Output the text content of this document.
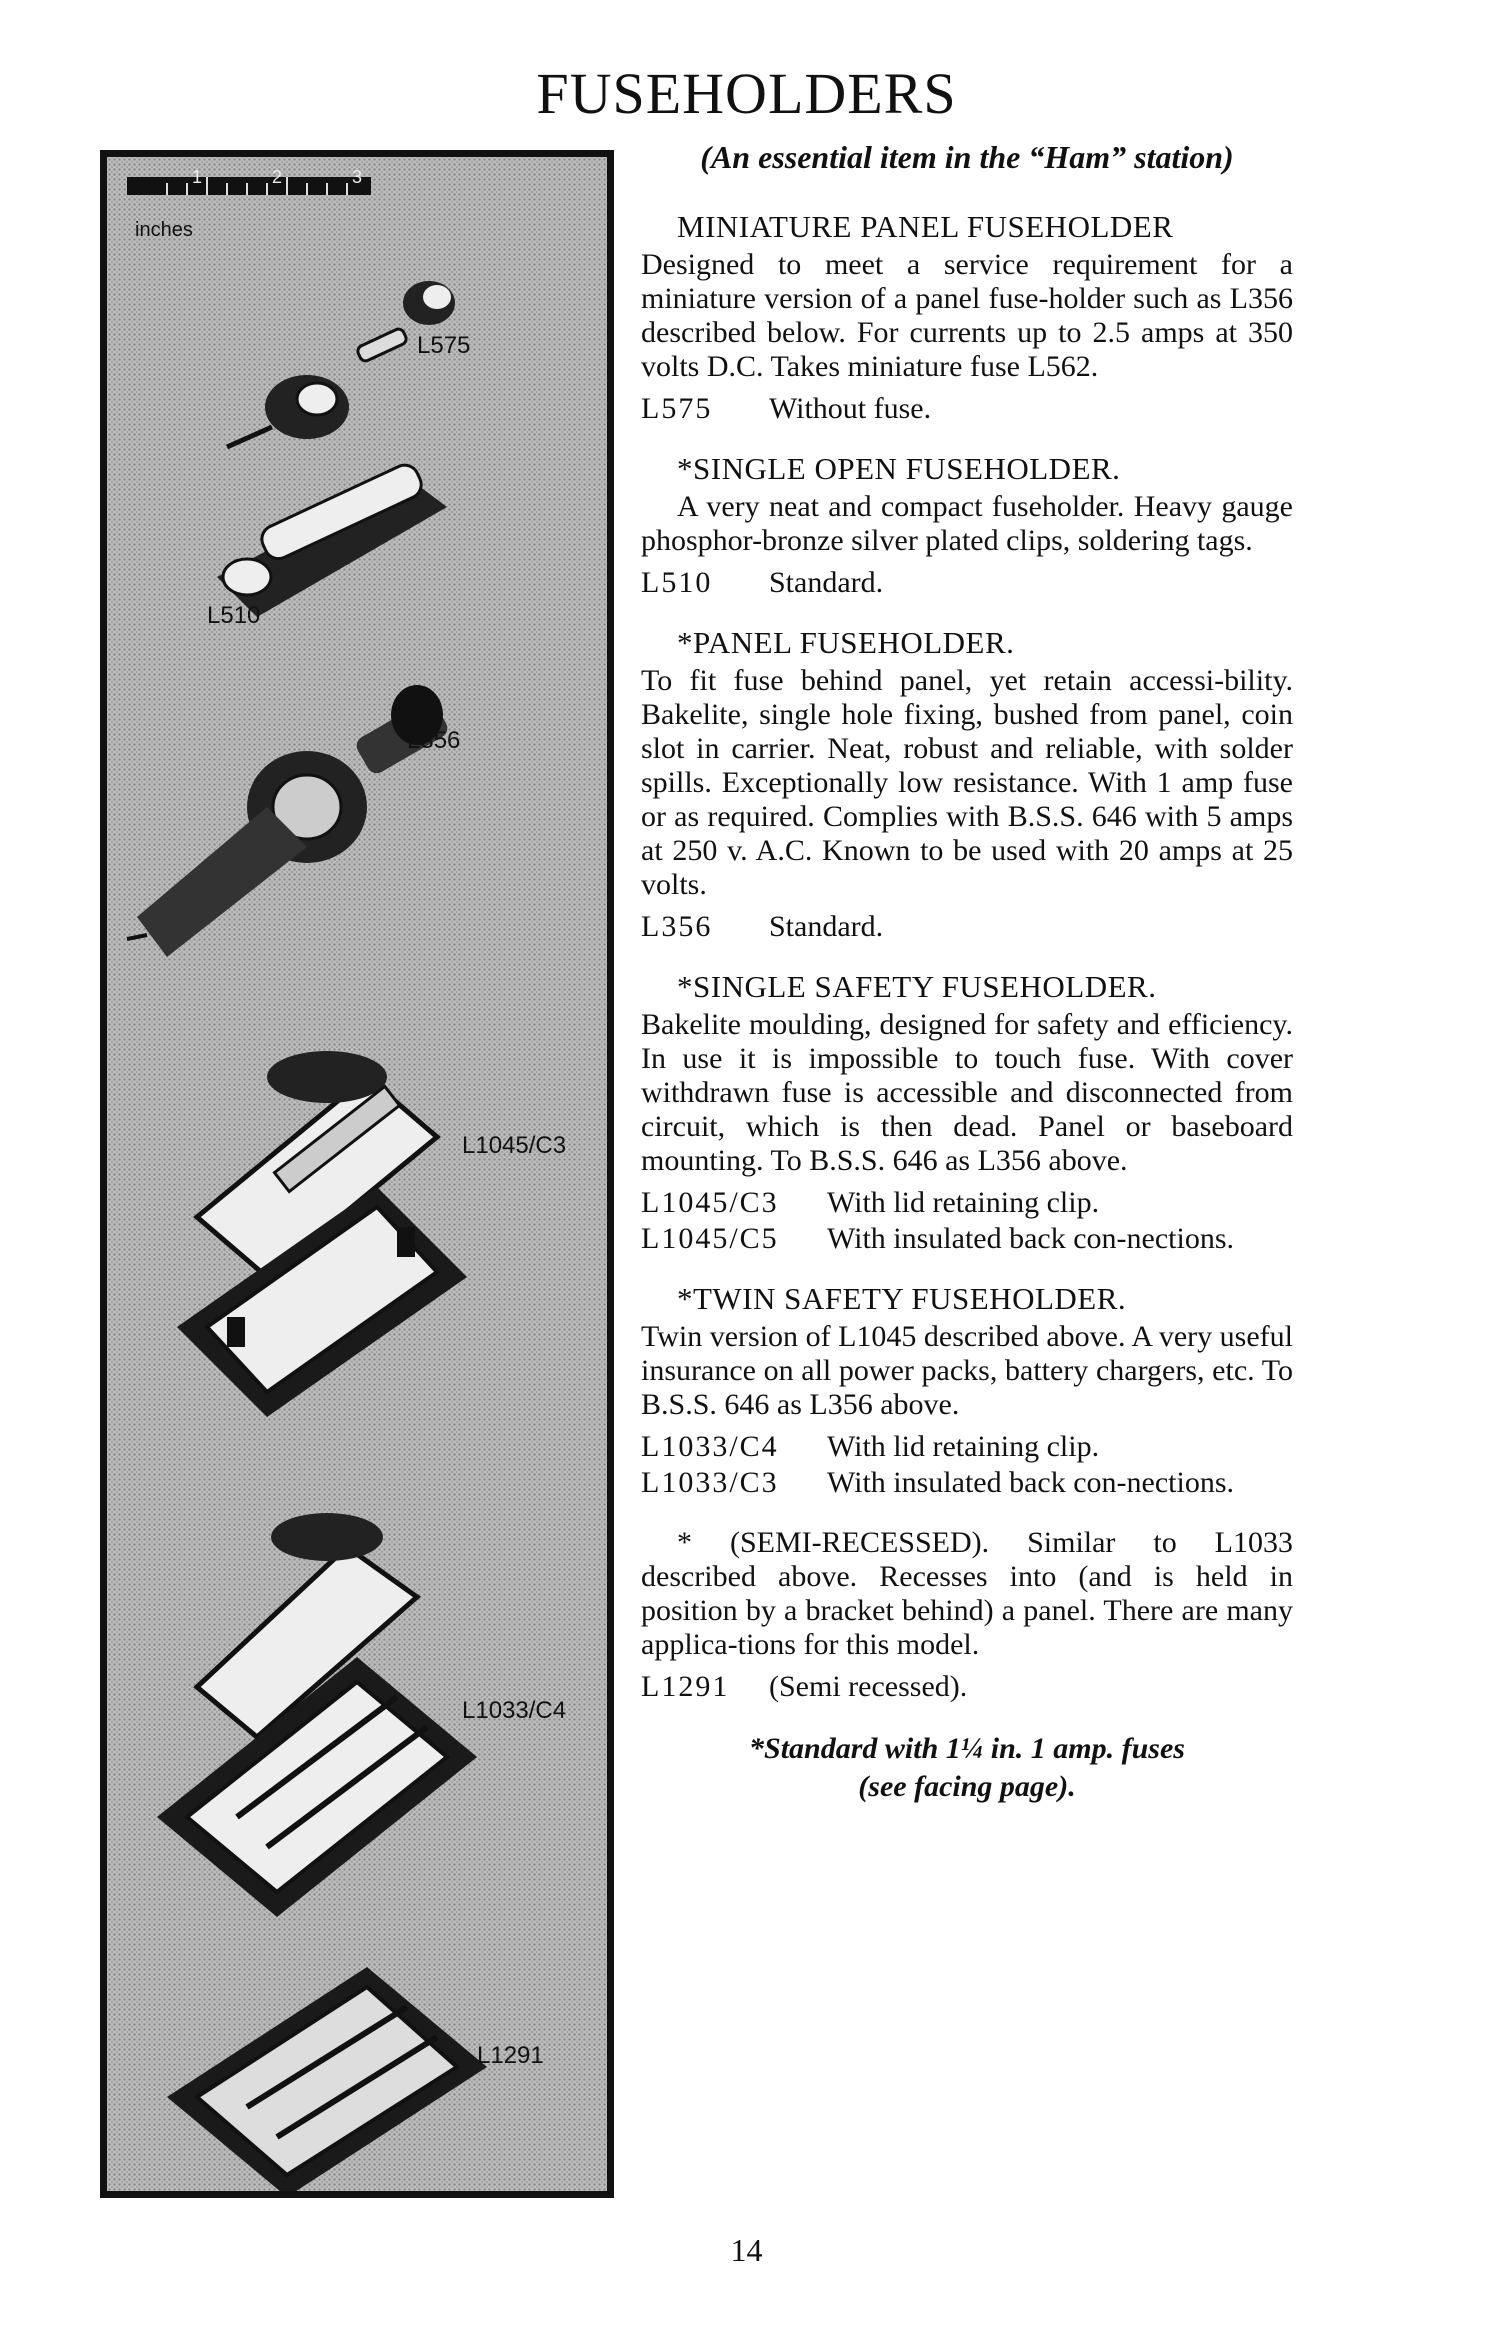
FUSEHOLDERS
inches
1	2	3
L575
L510
L356
L1045/C3
L1033/C4
L1291

(An essential item in the “Ham” station)

MINIATURE PANEL FUSEHOLDER

Designed to meet a service requirement for a miniature version of a panel fuse-holder such as L356 described below. For currents up to 2.5 amps at 350 volts D.C. Takes miniature fuse L562.

L575	Without fuse.

*SINGLE OPEN FUSEHOLDER.

A very neat and compact fuseholder. Heavy gauge phosphor-bronze silver plated clips, soldering tags.

L510	Standard.

*PANEL FUSEHOLDER.

To fit fuse behind panel, yet retain accessi-bility. Bakelite, single hole fixing, bushed from panel, coin slot in carrier. Neat, robust and reliable, with solder spills. Exceptionally low resistance. With 1 amp fuse or as required. Complies with B.S.S. 646 with 5 amps at 250 v. A.C. Known to be used with 20 amps at 25 volts.

L356	Standard.

*SINGLE SAFETY FUSEHOLDER.

Bakelite moulding, designed for safety and efficiency. In use it is impossible to touch fuse. With cover withdrawn fuse is accessible and disconnected from circuit, which is then dead. Panel or baseboard mounting. To B.S.S. 646 as L356 above.

L1045/C3	With lid retaining clip.
L1045/C5	With insulated back con-nections.

*TWIN SAFETY FUSEHOLDER.

Twin version of L1045 described above. A very useful insurance on all power packs, battery chargers, etc. To B.S.S. 646 as L356 above.

L1033/C4	With lid retaining clip.
L1033/C3	With insulated back con-nections.

* (SEMI-RECESSED). Similar to L1033 described above. Recesses into (and is held in position by a bracket behind) a panel. There are many applica-tions for this model.

L1291	(Semi recessed).
*Standard with 1¼ in. 1 amp. fuses
(see facing page).
14
